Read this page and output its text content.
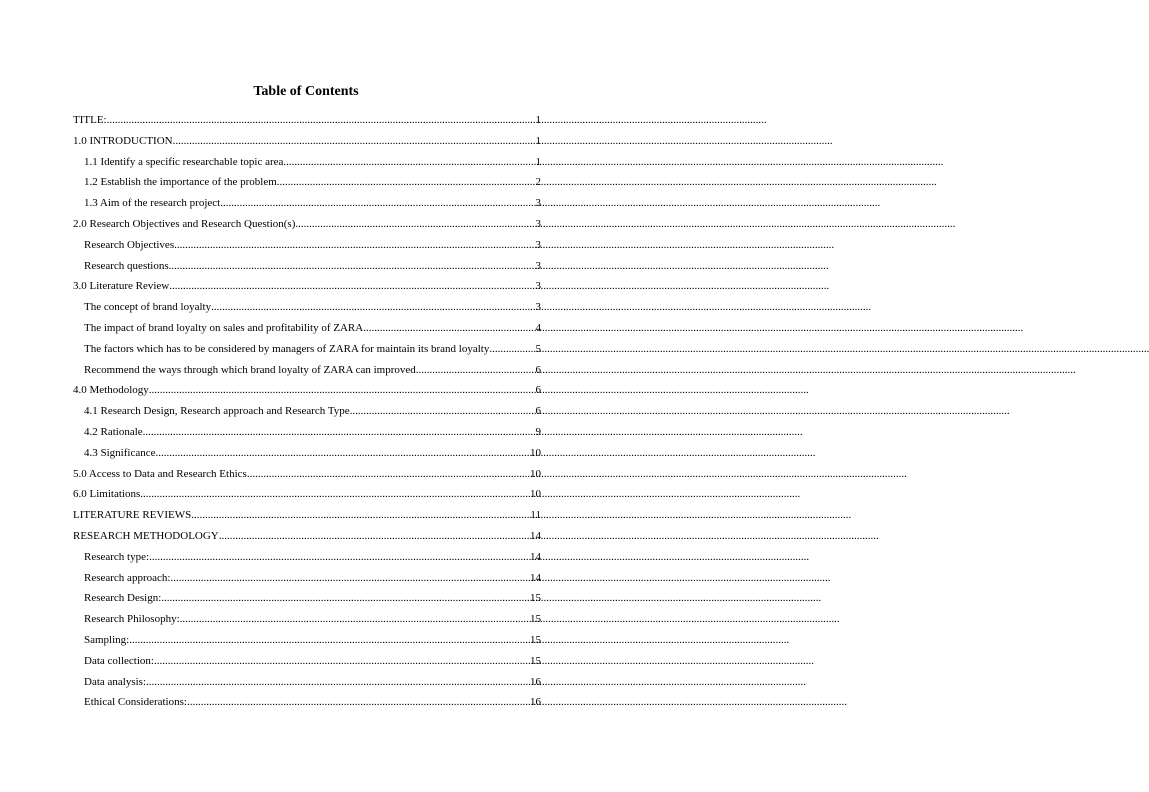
Table of Contents
TITLE: .....	1
1.0 INTRODUCTION .....	1
1.1 Identify a specific researchable topic area .....	1
1.2 Establish the importance of the problem .....	2
1.3 Aim of the research project .....	3
2.0 Research Objectives and Research Question(s) .....	3
Research Objectives .....	3
Research questions .....	3
3.0 Literature Review .....	3
The concept of brand loyalty .....	3
The impact of brand loyalty on sales and profitability of ZARA .....	4
The factors which has to be considered by managers of ZARA for maintain its brand loyalty .....	5
Recommend the ways through which brand loyalty of ZARA can improved .....	6
4.0 Methodology .....	6
4.1 Research Design, Research approach and Research Type .....	6
4.2 Rationale .....	9
4.3 Significance .....	10
5.0 Access to Data and Research Ethics .....	10
6.0 Limitations .....	10
LITERATURE REVIEWS .....	11
RESEARCH METHODOLOGY .....	14
Research type: .....	14
Research approach: .....	14
Research Design: .....	15
Research Philosophy: .....	15
Sampling: .....	15
Data collection: .....	15
Data analysis: .....	16
Ethical Considerations: .....	16
